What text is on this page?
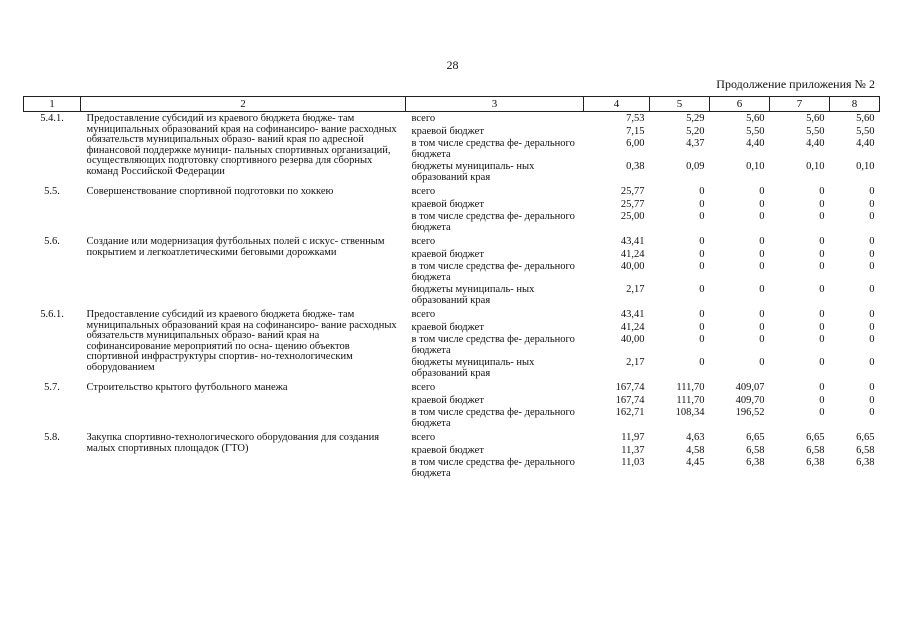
28
Продолжение приложения № 2
1	2	3	4	5	6	7	8
5.4.1.	Предоставление субсидий из краевого бюджета бюдже- там муниципальных образований края на софинансиро- вание расходных обязательств муниципальных образо- ваний края по адресной финансовой поддержке муници- пальных спортивных организаций, осуществляющих подготовку спортивного резерва для сборных команд Российской Федерации	всего	7,53	5,29	5,60	5,60	5,60
		краевой бюджет	7,15	5,20	5,50	5,50	5,50
		в том числе средства фе- дерального бюджета	6,00	4,37	4,40	4,40	4,40
		бюджеты муниципаль- ных образований края	0,38	0,09	0,10	0,10	0,10
5.5.	Совершенствование спортивной подготовки по хоккею	всего	25,77	0	0	0	0
		краевой бюджет	25,77	0	0	0	0
		в том числе средства фе- дерального бюджета	25,00	0	0	0	0
5.6.	Создание или модернизация футбольных полей с искус- ственным покрытием и легкоатлетическими беговыми дорожками	всего	43,41	0	0	0	0
		краевой бюджет	41,24	0	0	0	0
		в том числе средства фе- дерального бюджета	40,00	0	0	0	0
		бюджеты муниципаль- ных образований края	2,17	0	0	0	0
5.6.1.	Предоставление субсидий из краевого бюджета бюдже- там муниципальных образований края на софинансиро- вание расходных обязательств муниципальных образо- ваний края на софинансирование мероприятий по осна- щению объектов спортивной инфраструктуры спортив- но-технологическим оборудованием	всего	43,41	0	0	0	0
		краевой бюджет	41,24	0	0	0	0
		в том числе средства фе- дерального бюджета	40,00	0	0	0	0
		бюджеты муниципаль- ных образований края	2,17	0	0	0	0
5.7.	Строительство крытого футбольного манежа	всего	167,74	111,70	409,07	0	0
		краевой бюджет	167,74	111,70	409,70	0	0
		в том числе средства фе- дерального бюджета	162,71	108,34	196,52	0	0
5.8.	Закупка спортивно-технологического оборудования для создания малых спортивных площадок (ГТО)	всего	11,97	4,63	6,65	6,65	6,65
		краевой бюджет	11,37	4,58	6,58	6,58	6,58
		в том числе средства фе- дерального бюджета	11,03	4,45	6,38	6,38	6,38
